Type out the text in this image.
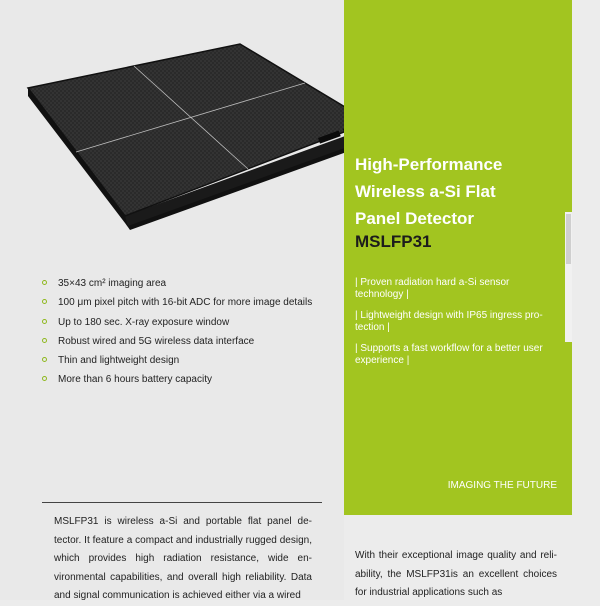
35×43 cm² imaging area
100 μm pixel pitch with 16-bit ADC for more image details
Up to 180 sec. X-ray exposure window
Robust wired and 5G wireless data interface
Thin and lightweight design
More than 6 hours battery capacity

MSLFP31 is wireless a-Si and portable flat panel de-tector. It feature a compact and industrially rugged design, which provides high radiation resistance, wide en-vironmental capabilities, and overall high reliability. Data and signal communication is achieved either via a wired

High-Performance
Wireless a-Si Flat
Panel Detector
MSLFP31
| Proven radiation hard a-Si sensor technology |
| Lightweight design with IP65 ingress pro-tection |
| Supports a fast workflow for a better user experience |

IMAGING THE FUTURE

With their exceptional image quality and reli-ability, the MSLFP31is an excellent choices for industrial applications such as
